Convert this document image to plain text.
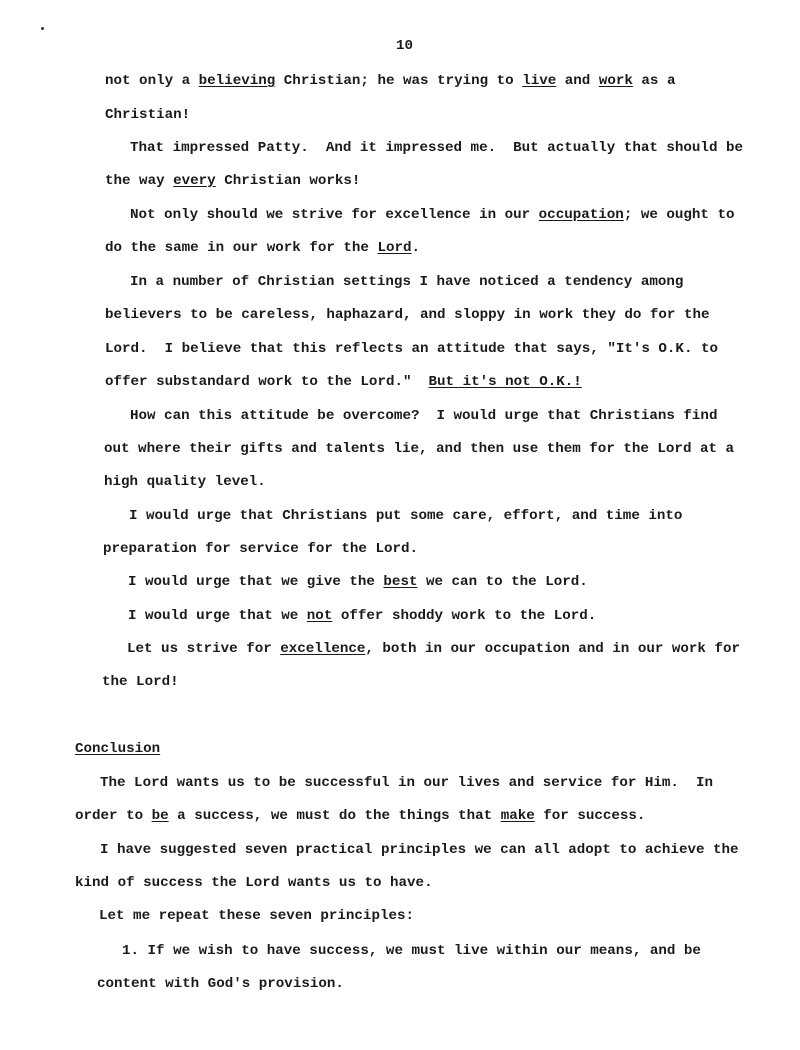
10
not only a believing Christian; he was trying to live and work as a
Christian!
That impressed Patty.  And it impressed me.  But actually that should be
the way every Christian works!
Not only should we strive for excellence in our occupation; we ought to
do the same in our work for the Lord.
In a number of Christian settings I have noticed a tendency among
believers to be careless, haphazard, and sloppy in work they do for the
Lord.  I believe that this reflects an attitude that says, "It's O.K. to
offer substandard work to the Lord."  But it's not O.K.!
How can this attitude be overcome?  I would urge that Christians find
out where their gifts and talents lie, and then use them for the Lord at a
high quality level.
I would urge that Christians put some care, effort, and time into
preparation for service for the Lord.
I would urge that we give the best we can to the Lord.
I would urge that we not offer shoddy work to the Lord.
Let us strive for excellence, both in our occupation and in our work for
the Lord!
Conclusion
The Lord wants us to be successful in our lives and service for Him.  In
order to be a success, we must do the things that make for success.
I have suggested seven practical principles we can all adopt to achieve the
kind of success the Lord wants us to have.
Let me repeat these seven principles:
1. If we wish to have success, we must live within our means, and be
content with God's provision.
